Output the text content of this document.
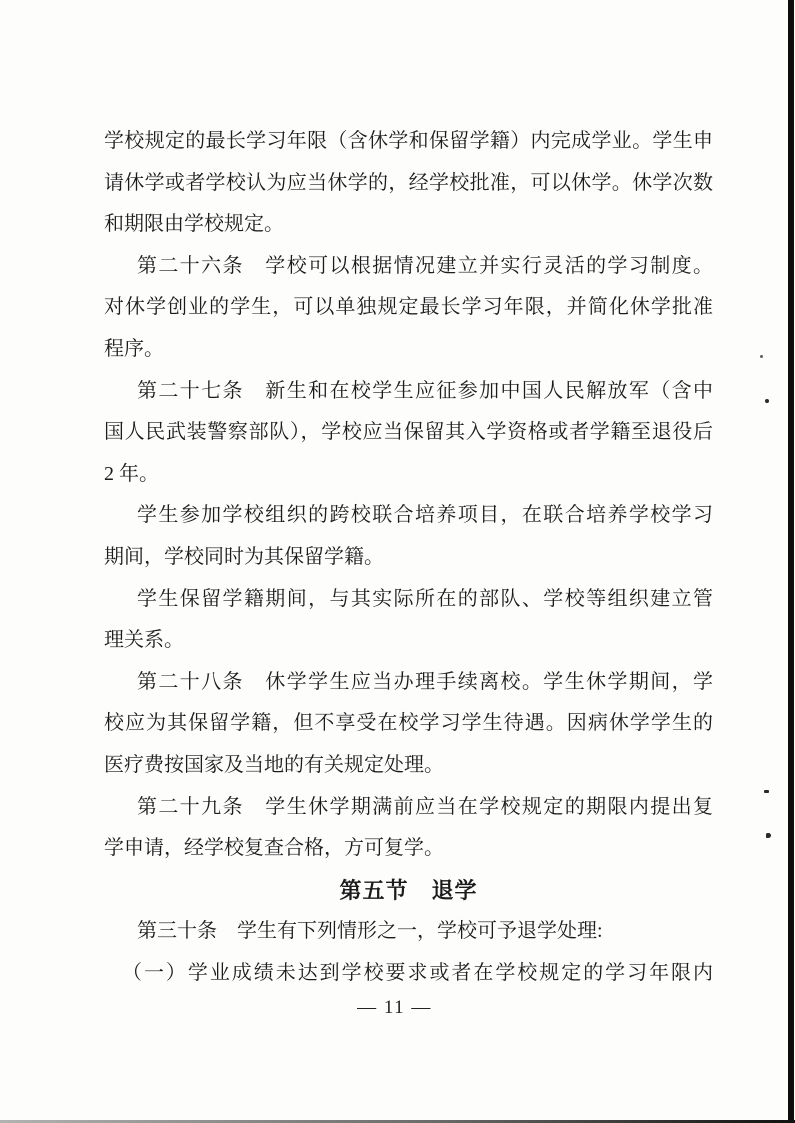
学校规定的最长学习年限（含休学和保留学籍）内完成学业。学生申
请休学或者学校认为应当休学的，经学校批准，可以休学。休学次数
和期限由学校规定。
第二十六条　学校可以根据情况建立并实行灵活的学习制度。
对休学创业的学生，可以单独规定最长学习年限，并简化休学批准
程序。
第二十七条　新生和在校学生应征参加中国人民解放军（含中
国人民武装警察部队），学校应当保留其入学资格或者学籍至退役后
2 年。
学生参加学校组织的跨校联合培养项目，在联合培养学校学习
期间，学校同时为其保留学籍。
学生保留学籍期间，与其实际所在的部队、学校等组织建立管
理关系。
第二十八条　休学学生应当办理手续离校。学生休学期间，学
校应为其保留学籍，但不享受在校学习学生待遇。因病休学学生的
医疗费按国家及当地的有关规定处理。
第二十九条　学生休学期满前应当在学校规定的期限内提出复
学申请，经学校复查合格，方可复学。
第五节　退学
第三十条　学生有下列情形之一，学校可予退学处理:
（一）学业成绩未达到学校要求或者在学校规定的学习年限内
— 11 —
